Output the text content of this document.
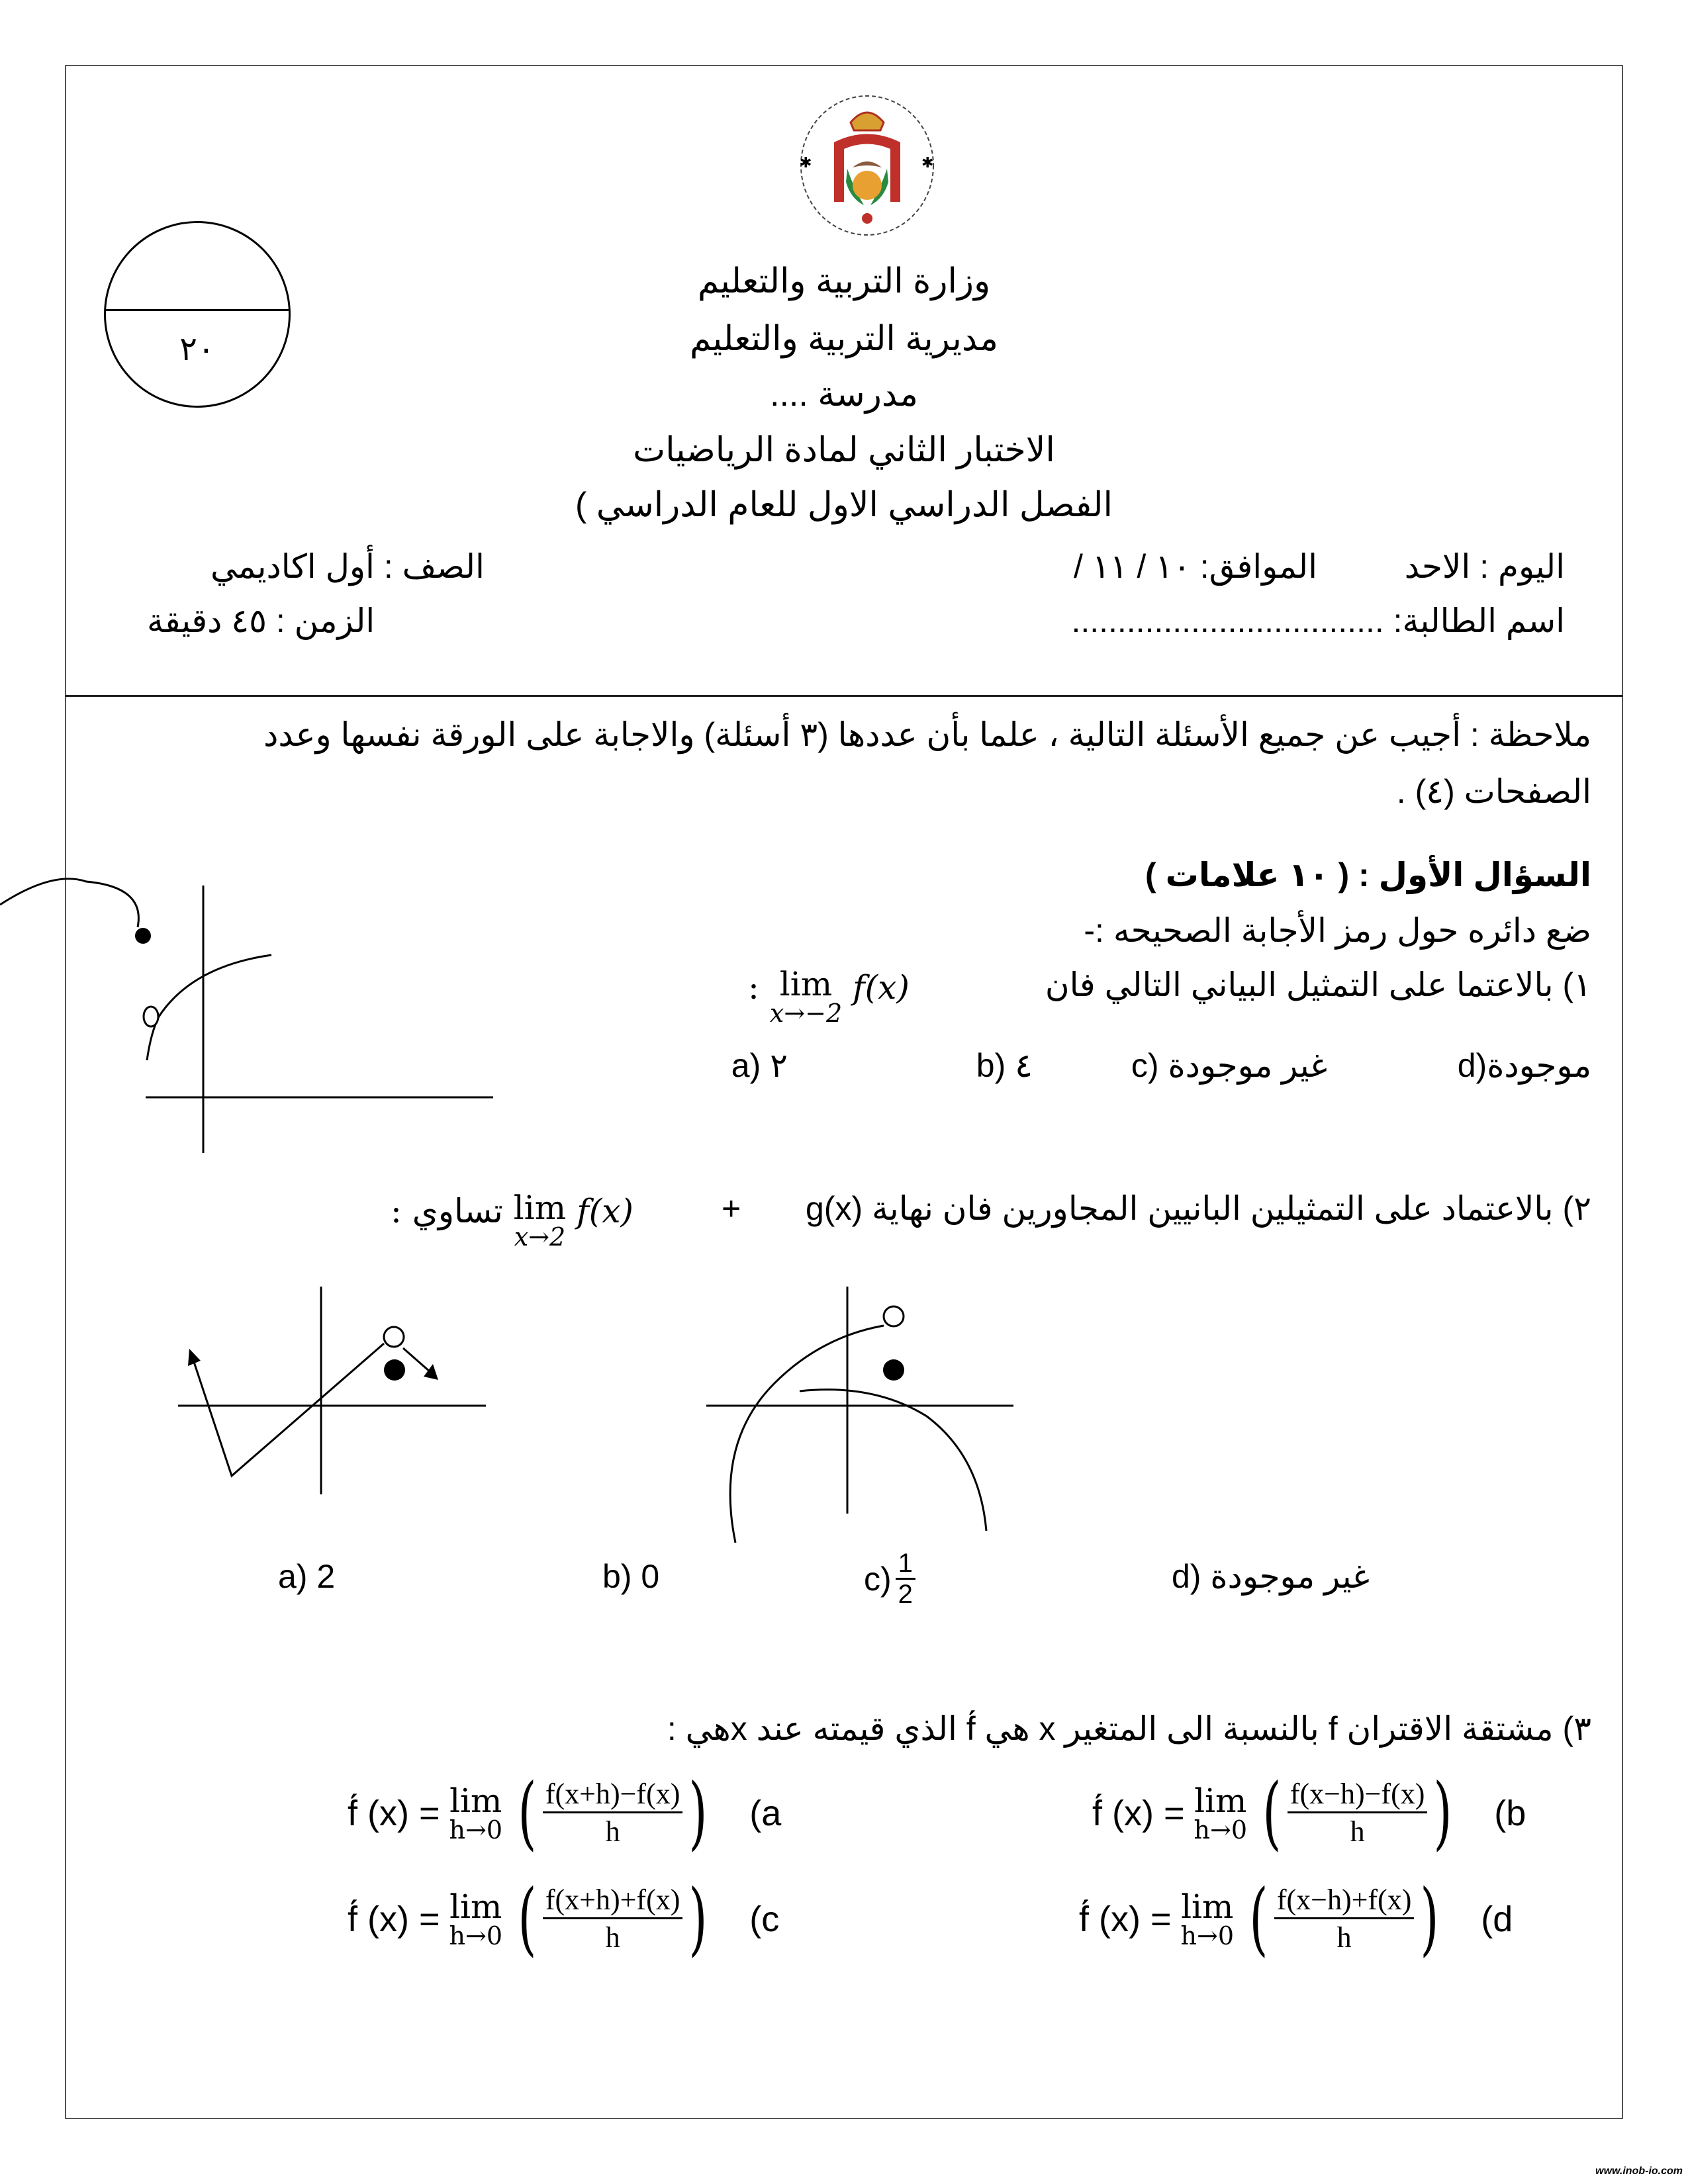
✱	✱
٢٠
وزارة التربية والتعليم
مديرية التربية والتعليم
مدرسة ....
الاختبار الثاني لمادة الرياضيات
الفصل الدراسي الاول للعام الدراسي )
اليوم : الاحد
الموافق: ١٠ / ١١ /
الصف : أول اكاديمي
اسم الطالبة: ..................................
الزمن : ٤٥ دقيقة
ملاحظة : أجيب عن جميع الأسئلة التالية ، علما بأن عددها (٣ أسئلة) والاجابة على الورقة نفسها وعدد
الصفحات (٤) .
السؤال الأول : ( ١٠ علامات )
ضع دائره حول رمز الأجابة الصحيحه :-
١) بالاعتما على التمثيل البياني التالي فان
: lim
x→−2
f(x)
d)موجودة
c) غير موجودة
b) ٤
a) ٢
٢) بالاعتماد على التمثيلين البانيين المجاورين فان نهاية (g(x
+
تساوي : lim
x→2
f(x)
a) 2	b) 0	$c) \frac{1}{2}$	d) غير موجودة
٣) مشتقة الاقتران f بالنسبة الى المتغير x هي f́ الذي قيمته عند xهي :
f́ (x) = lim
h→0 ( $\frac{f(x-h)-f(x)}{h}$ ) (b
f́ (x) = lim
h→0 ( $\frac{f(x+h)-f(x)}{h}$ ) (a
f́ (x) = lim
h→0 ( $\frac{f(x-h)+f(x)}{h}$ ) (d
f́ (x) = lim
h→0 ( $\frac{f(x+h)+f(x)}{h}$ ) (c
www.inob-io.com
